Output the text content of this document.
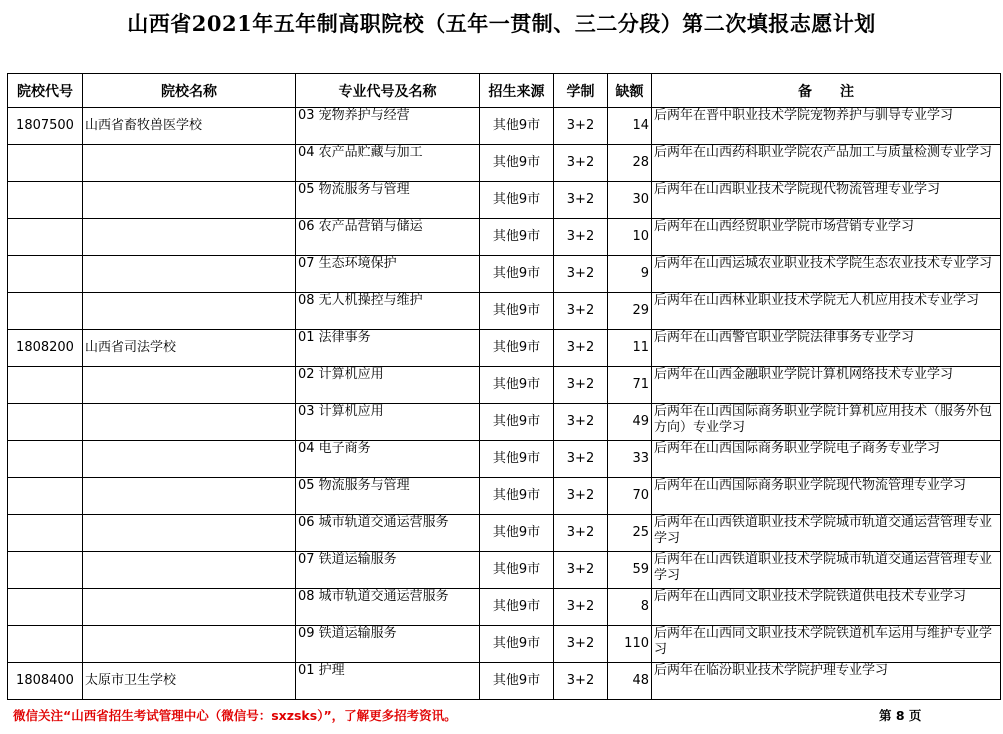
山西省2021年五年制高职院校（五年一贯制、三二分段）第二次填报志愿计划
院校代号	院校名称	专业代号及名称	招生来源	学制	缺额	备　　注
1807500	山西省畜牧兽医学校	03 宠物养护与经营	其他9市	3+2	14	后两年在晋中职业技术学院宠物养护与驯导专业学习
		04 农产品贮藏与加工	其他9市	3+2	28	后两年在山西药科职业学院农产品加工与质量检测专业学习
		05 物流服务与管理	其他9市	3+2	30	后两年在山西职业技术学院现代物流管理专业学习
		06 农产品营销与储运	其他9市	3+2	10	后两年在山西经贸职业学院市场营销专业学习
		07 生态环境保护	其他9市	3+2	9	后两年在山西运城农业职业技术学院生态农业技术专业学习
		08 无人机操控与维护	其他9市	3+2	29	后两年在山西林业职业技术学院无人机应用技术专业学习
1808200	山西省司法学校	01 法律事务	其他9市	3+2	11	后两年在山西警官职业学院法律事务专业学习
		02 计算机应用	其他9市	3+2	71	后两年在山西金融职业学院计算机网络技术专业学习
		03 计算机应用	其他9市	3+2	49	后两年在山西国际商务职业学院计算机应用技术（服务外包方向）专业学习
		04 电子商务	其他9市	3+2	33	后两年在山西国际商务职业学院电子商务专业学习
		05 物流服务与管理	其他9市	3+2	70	后两年在山西国际商务职业学院现代物流管理专业学习
		06 城市轨道交通运营服务	其他9市	3+2	25	后两年在山西铁道职业技术学院城市轨道交通运营管理专业学习
		07 铁道运输服务	其他9市	3+2	59	后两年在山西铁道职业技术学院城市轨道交通运营管理专业学习
		08 城市轨道交通运营服务	其他9市	3+2	8	后两年在山西同文职业技术学院铁道供电技术专业学习
		09 铁道运输服务	其他9市	3+2	110	后两年在山西同文职业技术学院铁道机车运用与维护专业学习
1808400	太原市卫生学校	01 护理	其他9市	3+2	48	后两年在临汾职业技术学院护理专业学习
微信关注“山西省招生考试管理中心（微信号：sxzsks）”，了解更多招考资讯。	第 8 页
